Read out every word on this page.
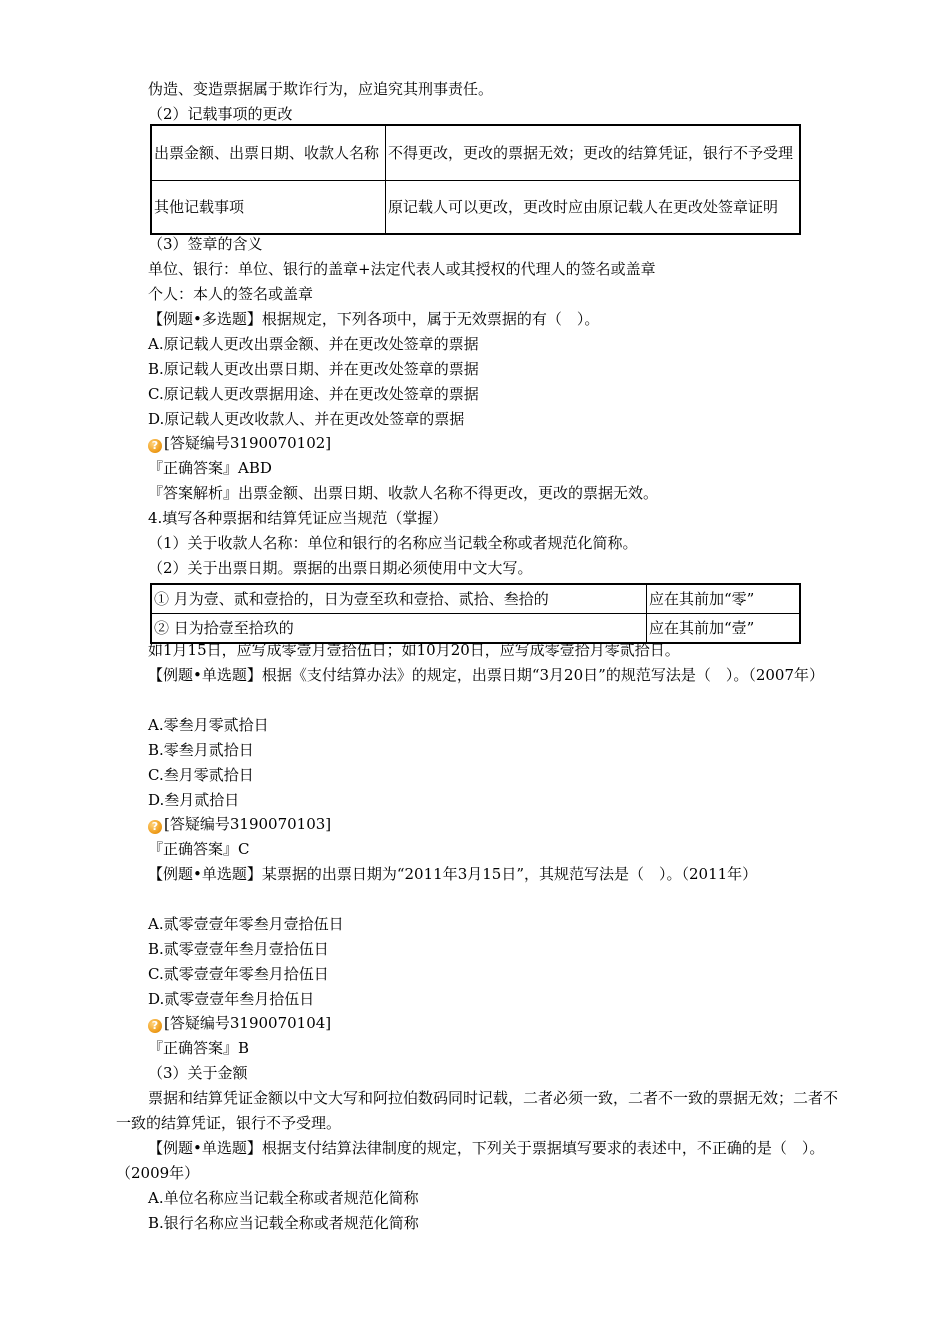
伪造、变造票据属于欺诈行为，应追究其刑事责任。
（2）记载事项的更改
出票金额、出票日期、收款人名称	不得更改，更改的票据无效；更改的结算凭证，银行不予受理
其他记载事项	原记载人可以更改，更改时应由原记载人在更改处签章证明
（3）签章的含义
单位、银行：单位、银行的盖章+法定代表人或其授权的代理人的签名或盖章
个人：本人的签名或盖章
【例题•多选题】根据规定，下列各项中，属于无效票据的有（　）。
A.原记载人更改出票金额、并在更改处签章的票据
B.原记载人更改出票日期、并在更改处签章的票据
C.原记载人更改票据用途、并在更改处签章的票据
D.原记载人更改收款人、并在更改处签章的票据
? [答疑编号3190070102]
『正确答案』ABD
『答案解析』出票金额、出票日期、收款人名称不得更改，更改的票据无效。
4.填写各种票据和结算凭证应当规范（掌握）
（1）关于收款人名称：单位和银行的名称应当记载全称或者规范化简称。
（2）关于出票日期。票据的出票日期必须使用中文大写。
① 月为壹、贰和壹拾的，日为壹至玖和壹拾、贰拾、叁拾的	应在其前加“零”
② 日为拾壹至拾玖的	应在其前加“壹”
如1月15日，应写成零壹月壹拾伍日；如10月20日，应写成零壹拾月零贰拾日。
【例题•单选题】根据《支付结算办法》的规定，出票日期“3月20日”的规范写法是（　）。（2007年）
A.零叁月零贰拾日
B.零叁月贰拾日
C.叁月零贰拾日
D.叁月贰拾日
? [答疑编号3190070103]
『正确答案』C
【例题•单选题】某票据的出票日期为“2011年3月15日”，其规范写法是（　）。（2011年）
A.贰零壹壹年零叁月壹拾伍日
B.贰零壹壹年叁月壹拾伍日
C.贰零壹壹年零叁月拾伍日
D.贰零壹壹年叁月拾伍日
? [答疑编号3190070104]
『正确答案』B
（3）关于金额
票据和结算凭证金额以中文大写和阿拉伯数码同时记载，二者必须一致，二者不一致的票据无效；二者不一致的结算凭证，银行不予受理。
【例题•单选题】根据支付结算法律制度的规定，下列关于票据填写要求的表述中，不正确的是（　）。（2009年）
A.单位名称应当记载全称或者规范化简称
B.银行名称应当记载全称或者规范化简称
